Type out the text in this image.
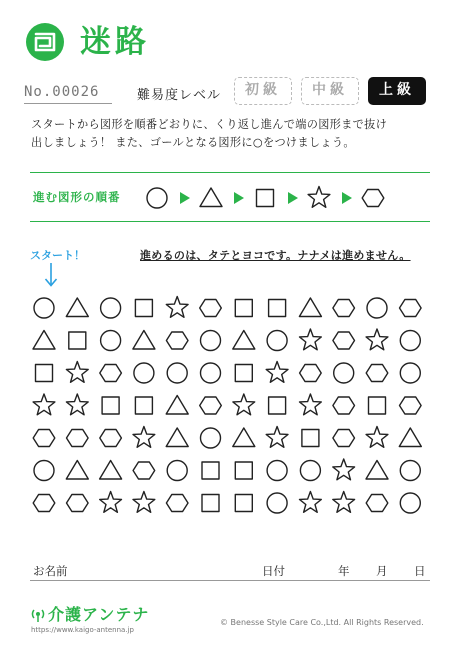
迷路
No.00026	難易度レベル	初級	中級	上級
スタートから図形を順番どおりに、くり返し進んで端の図形まで抜け
出しましょう！ また、ゴールとなる図形に○をつけましょう。
進む図形の順番
スタート！	進めるのは、タテとヨコです。ナナメは進めません。
お名前	日付	年 月 日
介護アンテナ
https://www.kaigo-antenna.jp
© Benesse Style Care Co.,Ltd. All Rights Reserved.
